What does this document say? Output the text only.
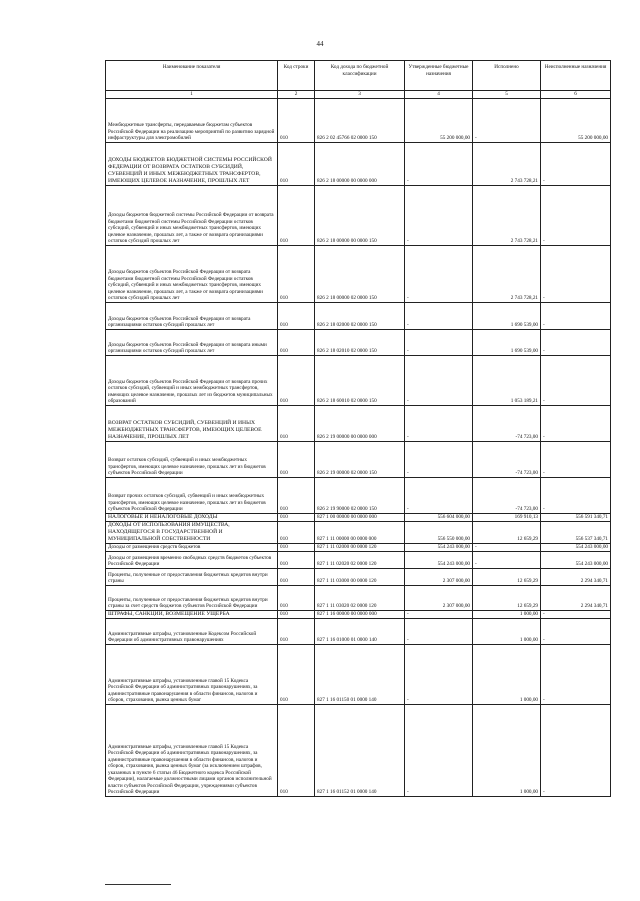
44
Наименование показателя	Код строки	Код дохода по бюджетной классификации	Утвержденные бюджетные назначения	Исполнено	Неисполненные назначения
1	2	3	4	5	6
Межбюджетные трансферты, передаваемые бюджетам субъектов Российской Федерации на реализацию мероприятий по развитию зарядной инфраструктуры для электромобилей	010	826 2 02 45766 02 0000 150	55 200 000,00	-	55 200 000,00
ДОХОДЫ БЮДЖЕТОВ БЮДЖЕТНОЙ СИСТЕМЫ РОССИЙСКОЙ ФЕДЕРАЦИИ ОТ ВОЗВРАТА ОСТАТКОВ СУБСИДИЙ, СУБВЕНЦИЙ И ИНЫХ МЕЖБЮДЖЕТНЫХ ТРАНСФЕРТОВ, ИМЕЮЩИХ ЦЕЛЕВОЕ НАЗНАЧЕНИЕ, ПРОШЛЫХ ЛЕТ	010	826 2 18 00000 00 0000 000	-	2 743 728,21	-
Доходы бюджетов бюджетной системы Российской Федерации от возврата бюджетами бюджетной системы Российской Федерации остатков субсидий, субвенций и иных межбюджетных трансфертов, имеющих целевое назначение, прошлых лет, а также от возврата организациями остатков субсидий прошлых лет	010	826 2 18 00000 00 0000 150	-	2 743 728,21	-
Доходы бюджетов субъектов Российской Федерации от возврата бюджетами бюджетной системы Российской Федерации остатков субсидий, субвенций и иных межбюджетных трансфертов, имеющих целевое назначение, прошлых лет, а также от возврата организациями остатков субсидий прошлых лет	010	826 2 18 00000 02 0000 150	-	2 743 728,21	-
Доходы бюджетов субъектов Российской Федерации от возврата организациями остатков субсидий прошлых лет	010	826 2 18 02000 02 0000 150	-	1 690 539,00	-
Доходы бюджетов субъектов Российской Федерации от возврата иными организациями остатков субсидий прошлых лет	010	826 2 18 02010 02 0000 150	-	1 690 539,00	-
Доходы бюджетов субъектов Российской Федерации от возврата прочих остатков субсидий, субвенций и иных межбюджетных трансфертов, имеющих целевое назначение, прошлых лет из бюджетов муниципальных образований	010	826 2 18 60010 02 0000 150	-	1 053 189,21	-
ВОЗВРАТ ОСТАТКОВ СУБСИДИЙ, СУБВЕНЦИЙ И ИНЫХ МЕЖБЮДЖЕТНЫХ ТРАНСФЕРТОВ, ИМЕЮЩИХ ЦЕЛЕВОЕ НАЗНАЧЕНИЕ, ПРОШЛЫХ ЛЕТ	010	826 2 19 00000 00 0000 000	-	-74 723,00	-
Возврат остатков субсидий, субвенций и иных межбюджетных трансфертов, имеющих целевое назначение, прошлых лет из бюджетов субъектов Российской Федерации	010	826 2 19 00000 02 0000 150	-	-74 723,00	-
Возврат прочих остатков субсидий, субвенций и иных межбюджетных трансфертов, имеющих целевое назначение, прошлых лет из бюджетов субъектов Российской Федерации	010	826 2 19 90000 02 0000 150	-	-74 723,00	-
НАЛОГОВЫЕ И НЕНАЛОГОВЫЕ ДОХОДЫ	010	827 1 00 00000 00 0000 000	556 604 000,00	169 910,13	556 591 340,71
ДОХОДЫ ОТ ИСПОЛЬЗОВАНИЯ ИМУЩЕСТВА, НАХОДЯЩЕГОСЯ В ГОСУДАРСТВЕННОЙ И МУНИЦИПАЛЬНОЙ СОБСТВЕННОСТИ	010	827 1 11 00000 00 0000 000	556 550 000,00	12 659,29	556 537 340,71
Доходы от размещения средств бюджетов	010	827 1 11 02000 00 0000 120	554 243 000,00	-	554 243 000,00
Доходы от размещения временно свободных средств бюджетов субъектов Российской Федерации	010	827 1 11 02020 02 0000 120	554 243 000,00	-	554 243 000,00
Проценты, полученные от предоставления бюджетных кредитов внутри страны	010	827 1 11 03000 00 0000 120	2 307 000,00	12 659,29	2 294 340,71
Проценты, полученные от предоставления бюджетных кредитов внутри страны за счет средств бюджетов субъектов Российской Федерации	010	827 1 11 03020 02 0000 120	2 307 000,00	12 659,29	2 294 340,71
ШТРАФЫ, САНКЦИИ, ВОЗМЕЩЕНИЕ УЩЕРБА	010	827 1 16 00000 00 0000 000	-	1 000,00	-
Административные штрафы, установленные Кодексом Российской Федерации об административных правонарушениях	010	827 1 16 01000 01 0000 140	-	1 000,00	-
Административные штрафы, установленные главой 15 Кодекса Российской Федерации об административных правонарушениях, за административные правонарушения в области финансов, налогов и сборов, страхования, рынка ценных бумаг	010	827 1 16 01150 01 0000 140	-	1 000,00	-
Административные штрафы, установленные главой 15 Кодекса Российской Федерации об административных правонарушениях, за административные правонарушения в области финансов, налогов и сборов, страхования, рынка ценных бумаг (за исключением штрафов, указанных в пункте 6 статьи 46 Бюджетного кодекса Российской Федерации), налагаемые должностными лицами органов исполнительной власти субъектов Российской Федерации, учреждениями субъектов Российской Федерации	010	827 1 16 01152 01 0000 140	-	1 000,00	-
